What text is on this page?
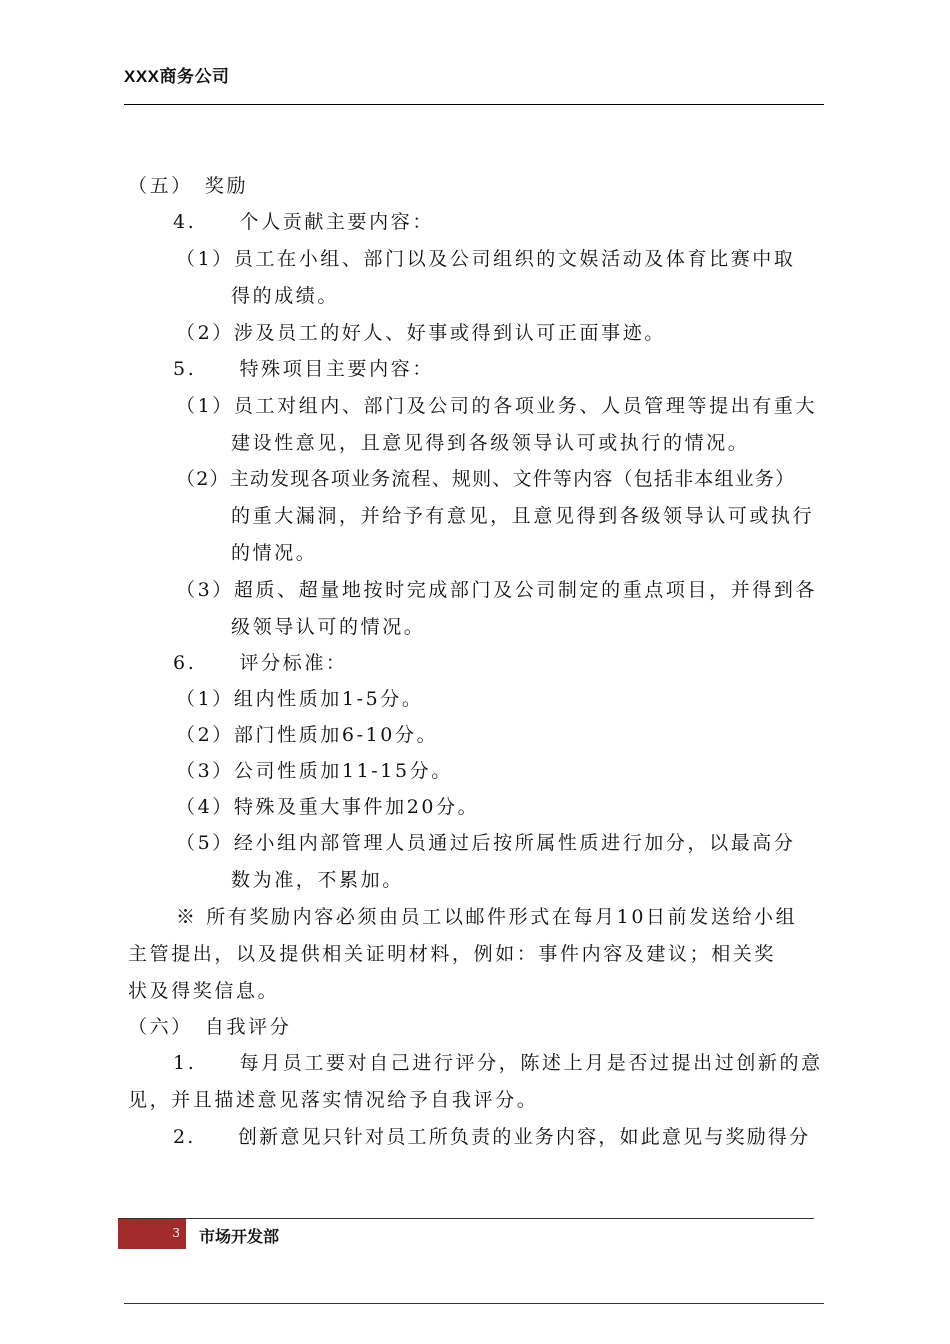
XXX商务公司
（五）　奖励
4.　　个人贡献主要内容：
（1）员工在小组、部门以及公司组织的文娱活动及体育比赛中取
得的成绩。
（2）涉及员工的好人、好事或得到认可正面事迹。
5.　　特殊项目主要内容：
（1）员工对组内、部门及公司的各项业务、人员管理等提出有重大
建设性意见，且意见得到各级领导认可或执行的情况。
（2）主动发现各项业务流程、规则、文件等内容（包括非本组业务）
的重大漏洞，并给予有意见，且意见得到各级领导认可或执行
的情况。
（3）超质、超量地按时完成部门及公司制定的重点项目，并得到各
级领导认可的情况。
6.　　评分标准：
（1）组内性质加1-5分。
（2）部门性质加6-10分。
（3）公司性质加11-15分。
（4）特殊及重大事件加20分。
（5）经小组内部管理人员通过后按所属性质进行加分，以最高分
数为准，不累加。
※ 所有奖励内容必须由员工以邮件形式在每月10日前发送给小组
主管提出，以及提供相关证明材料，例如：事件内容及建议；相关奖
状及得奖信息。
（六）　自我评分
1.　　每月员工要对自己进行评分，陈述上月是否过提出过创新的意
见，并且描述意见落实情况给予自我评分。
2.　　创新意见只针对员工所负责的业务内容，如此意见与奖励得分
3 市场开发部
